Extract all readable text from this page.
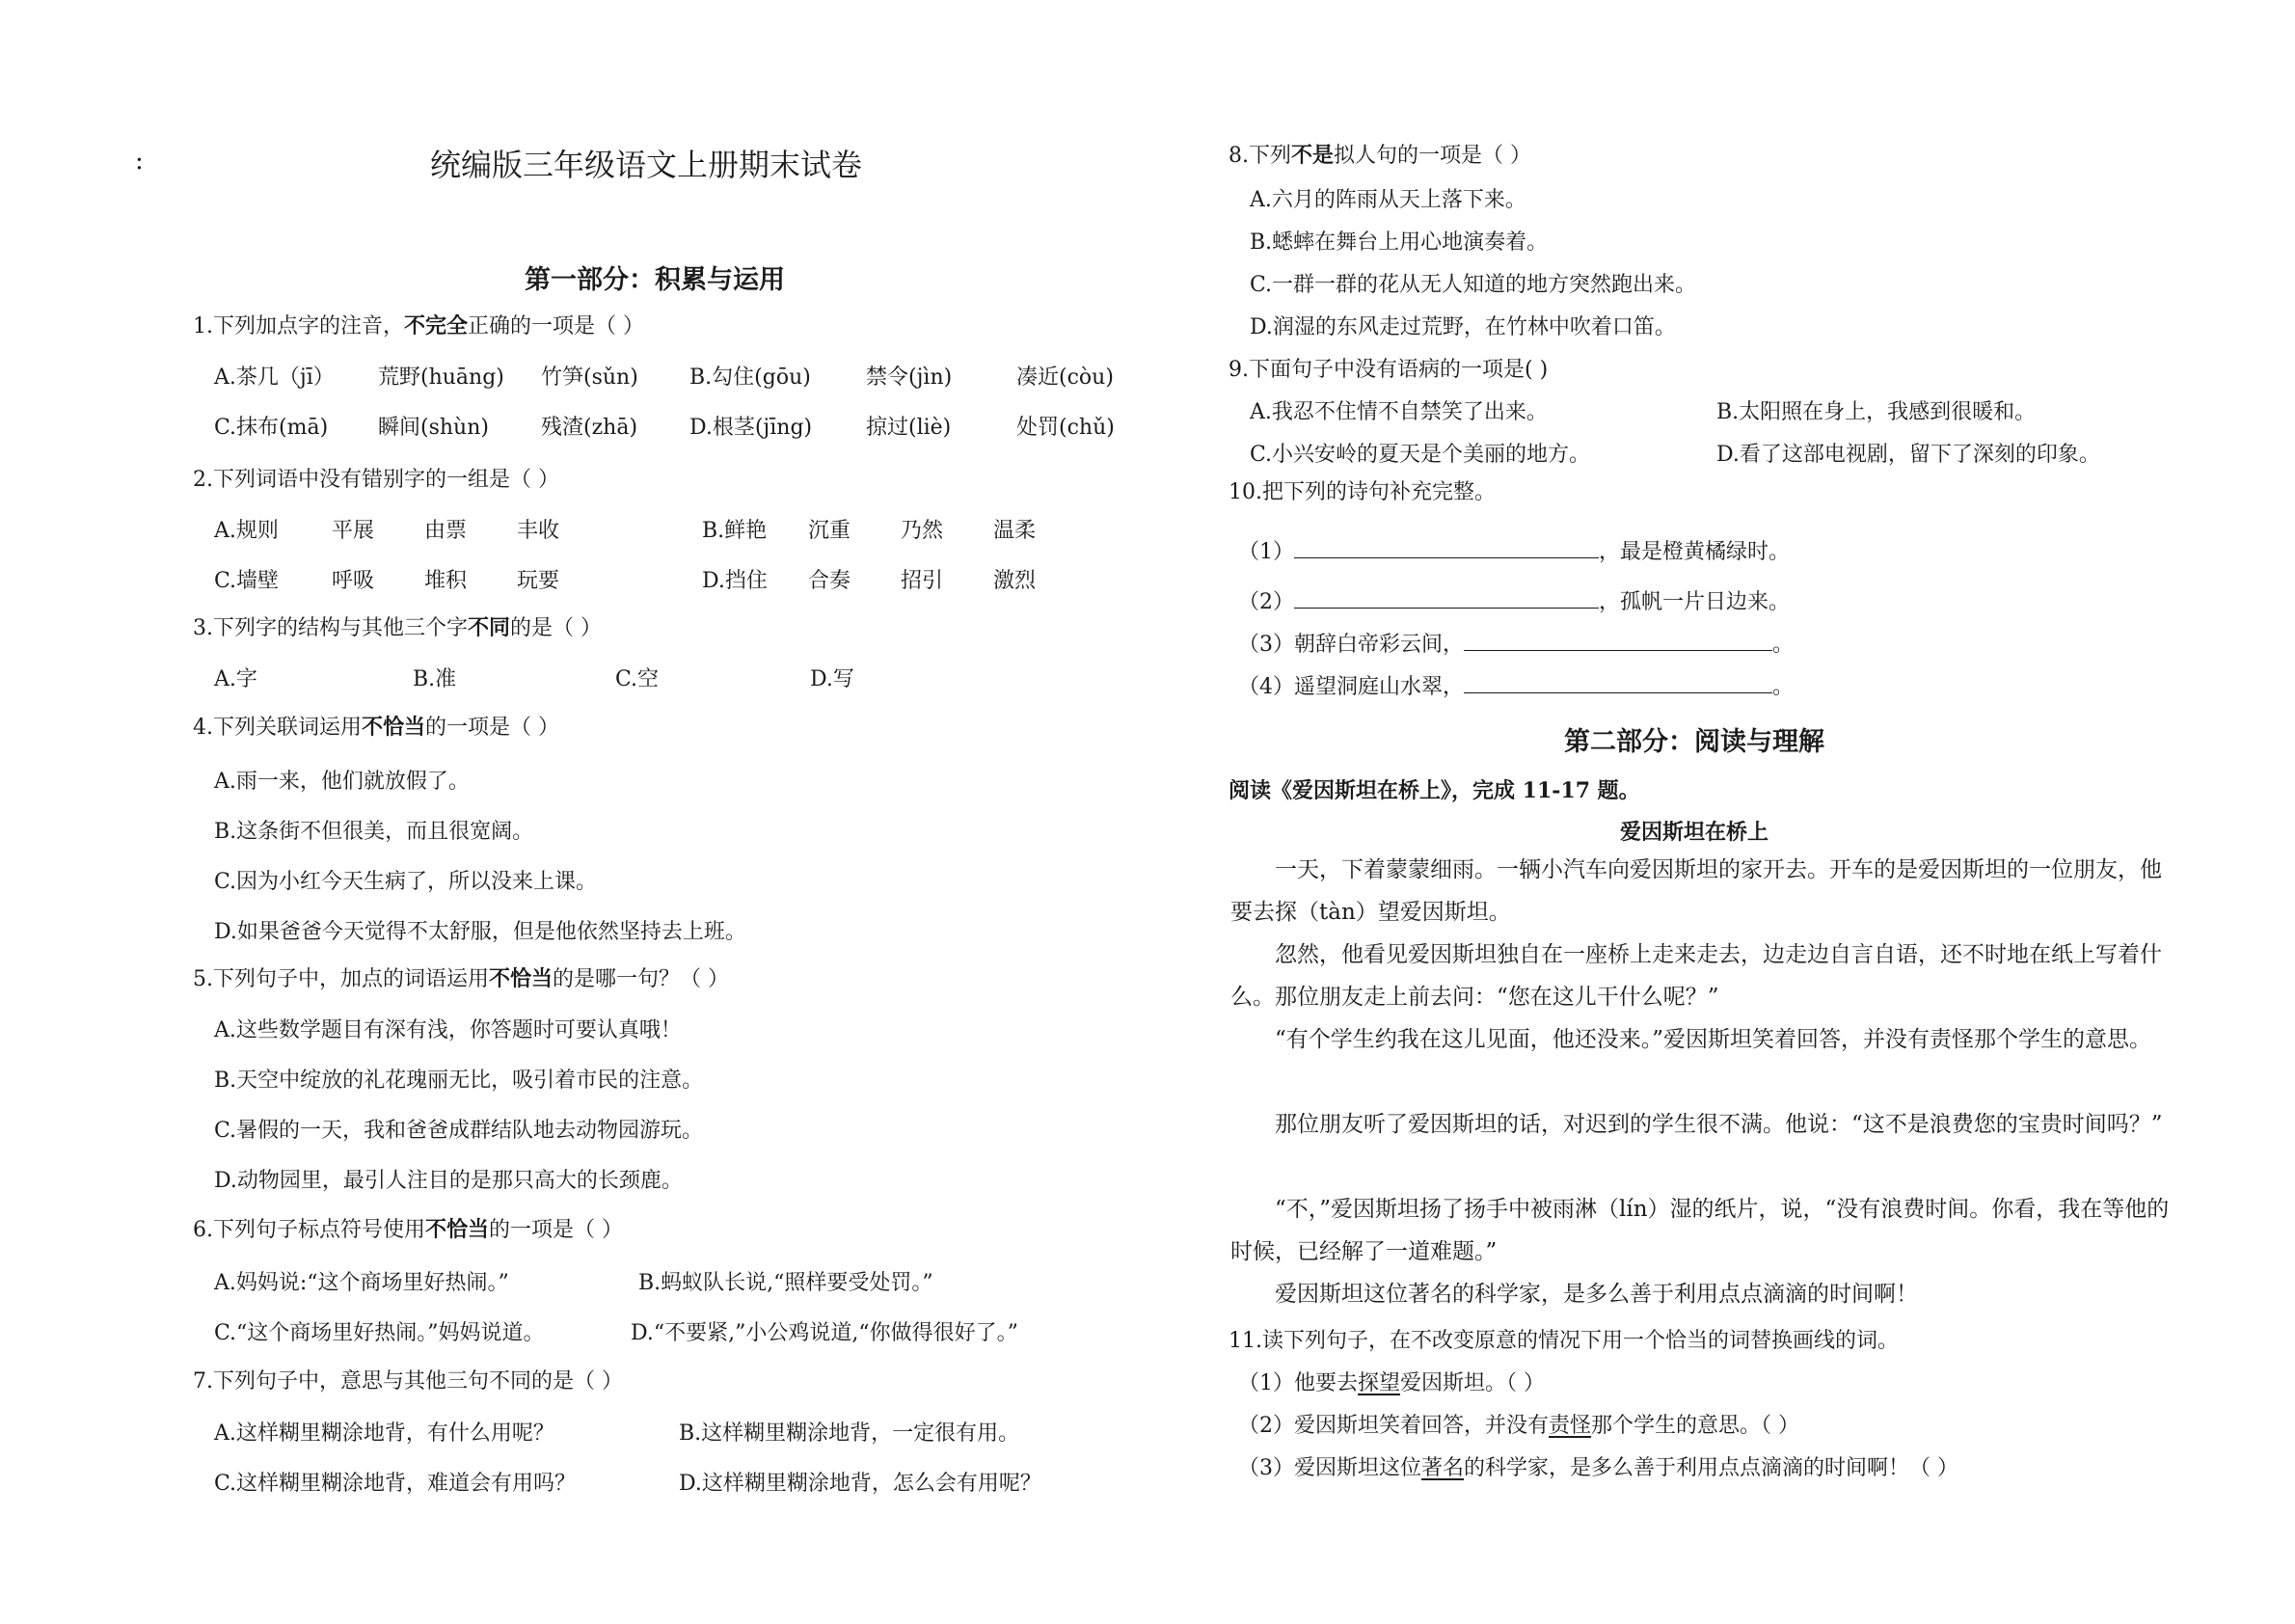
:	统编版三年级语文上册期末试卷
第一部分：积累与运用
1.下列加点字的注音，不完全正确的一项是（ ）
A.茶几（jī） 荒野(huāng) 竹笋(sǔn) B.勾住(gōu)	禁令(jìn)	凑近(còu)
C.抹布(mā) 瞬间(shùn) 残渣(zhā) D.根茎(jīng)	掠过(liè)	处罚(chǔ)
2.下列词语中没有错别字的一组是（ ）
A.规则	平展 由票 丰收	B.鲜艳 沉重 乃然 温柔
C.墙壁 呼吸 堆积 玩要	D.挡住 合奏 招引 激烈
3.下列字的结构与其他三个字不同的是（ ）
A.字	B.准	C.空	D.写
4.下列关联词运用不恰当的一项是（ ）
A.雨一来，他们就放假了。
B.这条街不但很美，而且很宽阔。
C.因为小红今天生病了，所以没来上课。
D.如果爸爸今天觉得不太舒服，但是他依然坚持去上班。
5.下列句子中，加点的词语运用不恰当的是哪一句？（ ）
A.这些数学题目有深有浅，你答题时可要认真哦！
B.天空中绽放的礼花瑰丽无比，吸引着市民的注意。
C.暑假的一天，我和爸爸成群结队地去动物园游玩。
D.动物园里，最引人注目的是那只高大的长颈鹿。
6.下列句子标点符号使用不恰当的一项是（ ）
A.妈妈说:“这个商场里好热闹。”	B.蚂蚁队长说,“照样要受处罚。”
C.“这个商场里好热闹。”妈妈说道。	D.“不要紧,”小公鸡说道,“你做得很好了。”
7.下列句子中，意思与其他三句不同的是（ ）
A.这样糊里糊涂地背，有什么用呢？	B.这样糊里糊涂地背，一定很有用。
C.这样糊里糊涂地背，难道会有用吗？	D.这样糊里糊涂地背，怎么会有用呢？
8.下列不是拟人句的一项是（ ）
A.六月的阵雨从天上落下来。
B.蟋蟀在舞台上用心地演奏着。
C.一群一群的花从无人知道的地方突然跑出来。
D.润湿的东风走过荒野，在竹林中吹着口笛。
9.下面句子中没有语病的一项是( )
A.我忍不住情不自禁笑了出来。	B.太阳照在身上，我感到很暖和。
C.小兴安岭的夏天是个美丽的地方。	D.看了这部电视剧，留下了深刻的印象。
10.把下列的诗句补充完整。
（1）	，最是橙黄橘绿时。
（2）	，孤帆一片日边来。
（3）朝辞白帝彩云间，	。
（4）遥望洞庭山水翠，	。
第二部分：阅读与理解
阅读《爱因斯坦在桥上》，完成 11-17 题。
爱因斯坦在桥上
一天，下着蒙蒙细雨。一辆小汽车向爱因斯坦的家开去。开车的是爱因斯坦的一位朋友，他要去探（tàn）望爱因斯坦。
忽然，他看见爱因斯坦独自在一座桥上走来走去，边走边自言自语，还不时地在纸上写着什么。那位朋友走上前去问：“您在这儿干什么呢？”
“有个学生约我在这儿见面，他还没来。”爱因斯坦笑着回答，并没有责怪那个学生的意思。
那位朋友听了爱因斯坦的话，对迟到的学生很不满。他说：“这不是浪费您的宝贵时间吗？”
“不，”爱因斯坦扬了扬手中被雨淋（lín）湿的纸片，说，“没有浪费时间。你看，我在等他的时候，已经解了一道难题。”
爱因斯坦这位著名的科学家，是多么善于利用点点滴滴的时间啊！
11.读下列句子，在不改变原意的情况下用一个恰当的词替换画线的词。
（1）他要去探望爱因斯坦。（ ）
（2）爱因斯坦笑着回答，并没有责怪那个学生的意思。（ ）
（3）爱因斯坦这位著名的科学家，是多么善于利用点点滴滴的时间啊！（ ）
